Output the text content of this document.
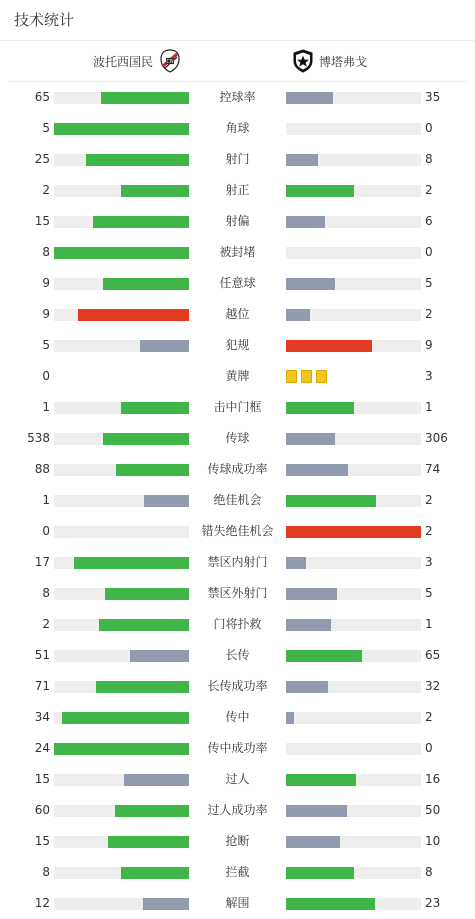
技术统计
波托西国民	CN	博塔弗戈
65	控球率	35
5	角球	0
25	射门	8
2	射正	2
15	射偏	6
8	被封堵	0
9	任意球	5
9	越位	2
5	犯规	9
0	黄牌	3
1	击中门框	1
538	传球	306
88	传球成功率	74
1	绝佳机会	2
0	错失绝佳机会	2
17	禁区内射门	3
8	禁区外射门	5
2	门将扑救	1
51	长传	65
71	长传成功率	32
34	传中	2
24	传中成功率	0
15	过人	16
60	过人成功率	50
15	抢断	10
8	拦截	8
12	解围	23
